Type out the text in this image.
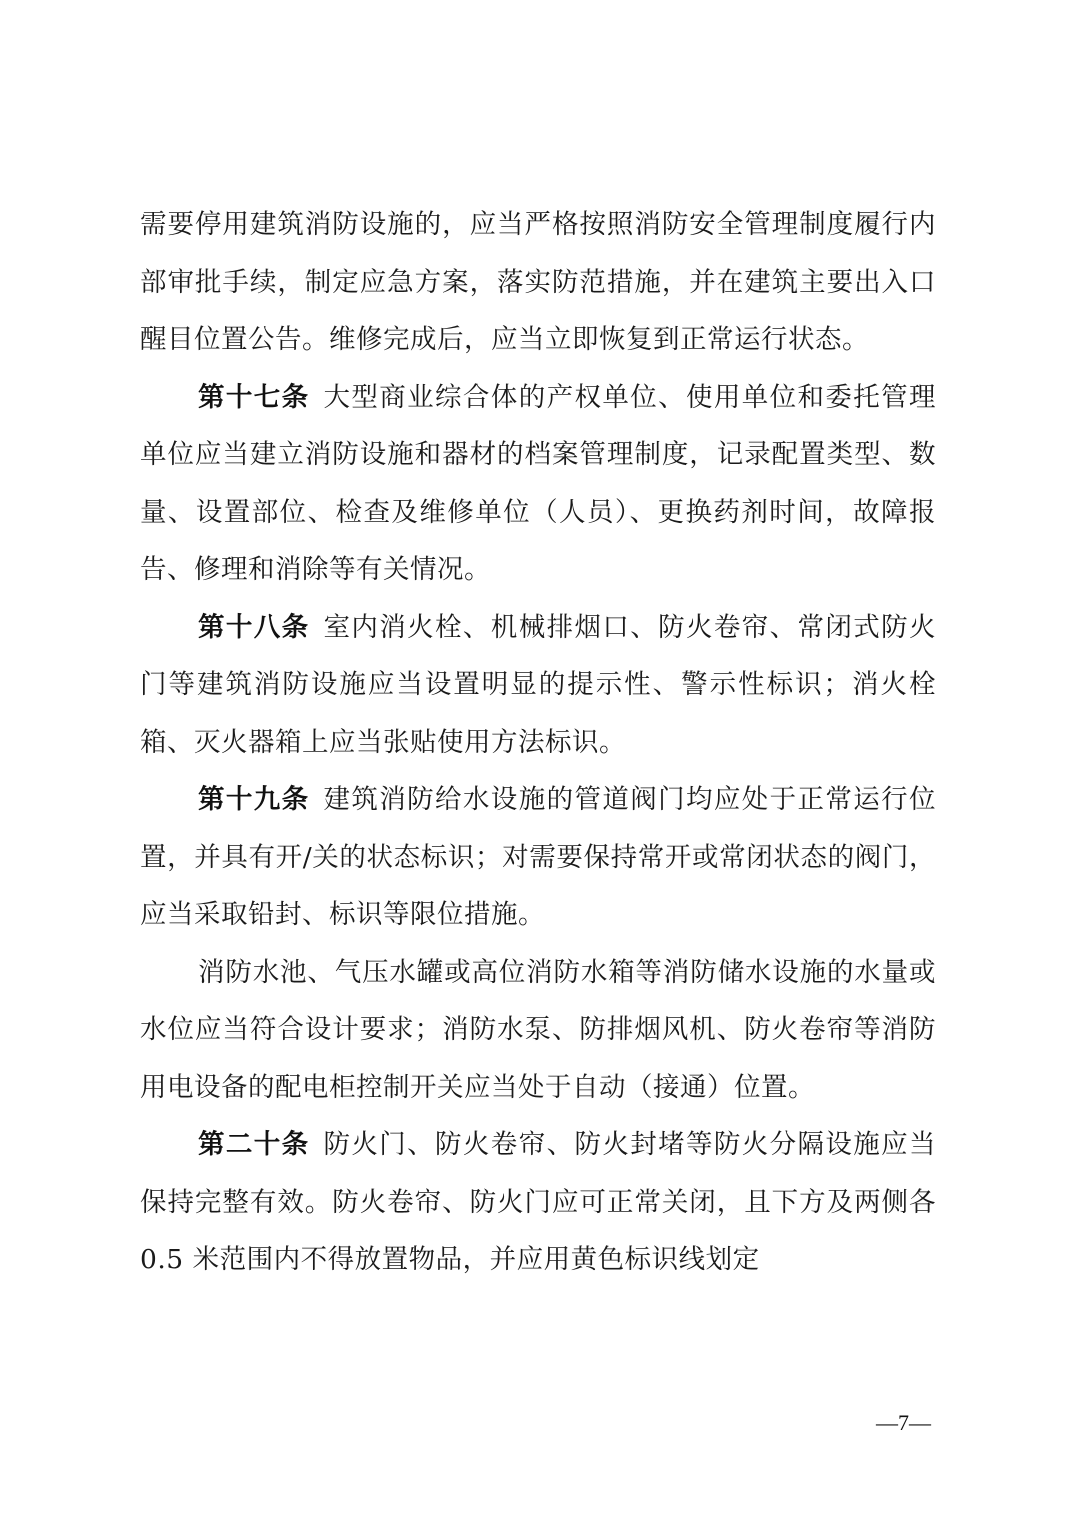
需要停用建筑消防设施的，应当严格按照消防安全管理制度履行内部审批手续，制定应急方案，落实防范措施，并在建筑主要出入口醒目位置公告。维修完成后，应当立即恢复到正常运行状态。

第十七条 大型商业综合体的产权单位、使用单位和委托管理单位应当建立消防设施和器材的档案管理制度，记录配置类型、数量、设置部位、检查及维修单位（人员）、更换药剂时间，故障报告、修理和消除等有关情况。

第十八条 室内消火栓、机械排烟口、防火卷帘、常闭式防火门等建筑消防设施应当设置明显的提示性、警示性标识；消火栓箱、灭火器箱上应当张贴使用方法标识。

第十九条 建筑消防给水设施的管道阀门均应处于正常运行位置，并具有开/关的状态标识；对需要保持常开或常闭状态的阀门，应当采取铅封、标识等限位措施。

消防水池、气压水罐或高位消防水箱等消防储水设施的水量或水位应当符合设计要求；消防水泵、防排烟风机、防火卷帘等消防用电设备的配电柜控制开关应当处于自动（接通）位置。

第二十条 防火门、防火卷帘、防火封堵等防火分隔设施应当保持完整有效。防火卷帘、防火门应可正常关闭，且下方及两侧各 0.5 米范围内不得放置物品，并应用黄色标识线划定

—7—
